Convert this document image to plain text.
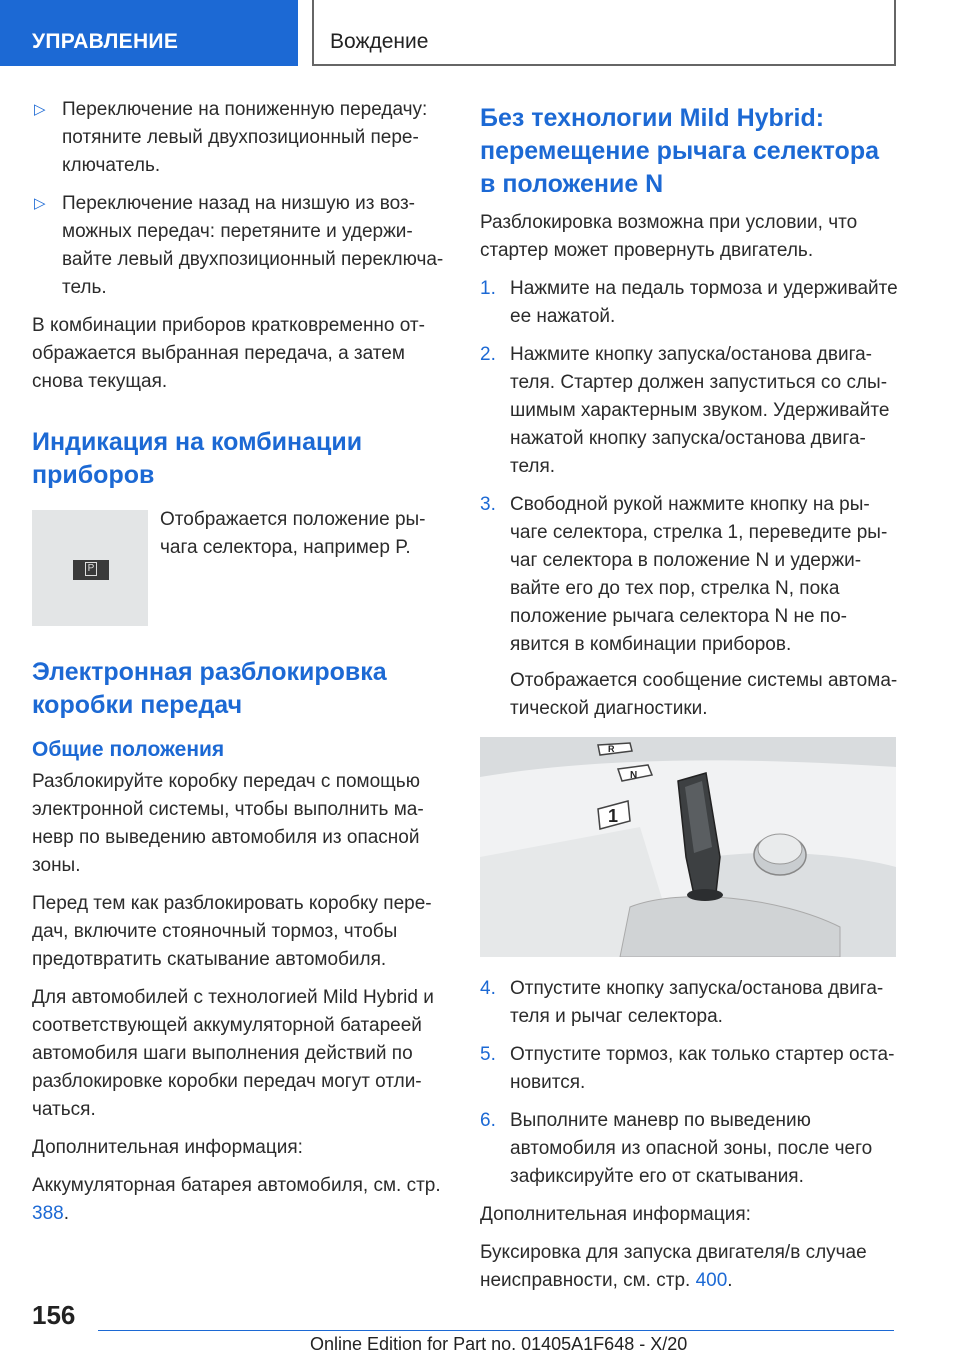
УПРАВЛЕНИЕ	Вождение
▷ Переключение на пониженную передачу: потяните левый двухпозиционный пере-ключатель.
▷ Переключение назад на низшую из воз-можных передач: перетяните и удержи-вайте левый двухпозиционный переключа-тель.

В комбинации приборов кратковременно от-ображается выбранная передача, а затем снова текущая.

Индикация на комбинации приборов
P
Отображается положение ры-чага селектора, например P.
Электронная разблокировка коробки передач
Общие положения

Разблокируйте коробку передач с помощью электронной системы, чтобы выполнить ма-невр по выведению автомобиля из опасной зоны.

Перед тем как разблокировать коробку пере-дач, включите стояночный тормоз, чтобы предотвратить скатывание автомобиля.

Для автомобилей с технологией Mild Hybrid и соответствующей аккумуляторной батареей автомобиля шаги выполнения действий по разблокировке коробки передач могут отли-чаться.

Дополнительная информация:

Аккумуляторная батарея автомобиля, см. стр. 388.

Без технологии Mild Hybrid: перемещение рычага селектора в положение N

Разблокировка возможна при условии, что стартер может провернуть двигатель.

1. Нажмите на педаль тормоза и удерживайте ее нажатой.
2. Нажмите кнопку запуска/останова двига-теля. Стартер должен запуститься со слы-шимым характерным звуком. Удерживайте нажатой кнопку запуска/останова двига-теля.
3. Свободной рукой нажмите кнопку на ры-чаге селектора, стрелка 1, переведите ры-чаг селектора в положение N и удержи-вайте его до тех пор, стрелка N, пока положение рычага селектора N не по-явится в комбинации приборов.
Отображается сообщение системы автома-тической диагностики.
R
N
1
4. Отпустите кнопку запуска/останова двига-теля и рычаг селектора.
5. Отпустите тормоз, как только стартер оста-новится.
6. Выполните маневр по выведению автомобиля из опасной зоны, после чего зафиксируйте его от скатывания.

Дополнительная информация:

Буксировка для запуска двигателя/в случае неисправности, см. стр. 400.

156
Online Edition for Part no. 01405A1F648 - X/20
